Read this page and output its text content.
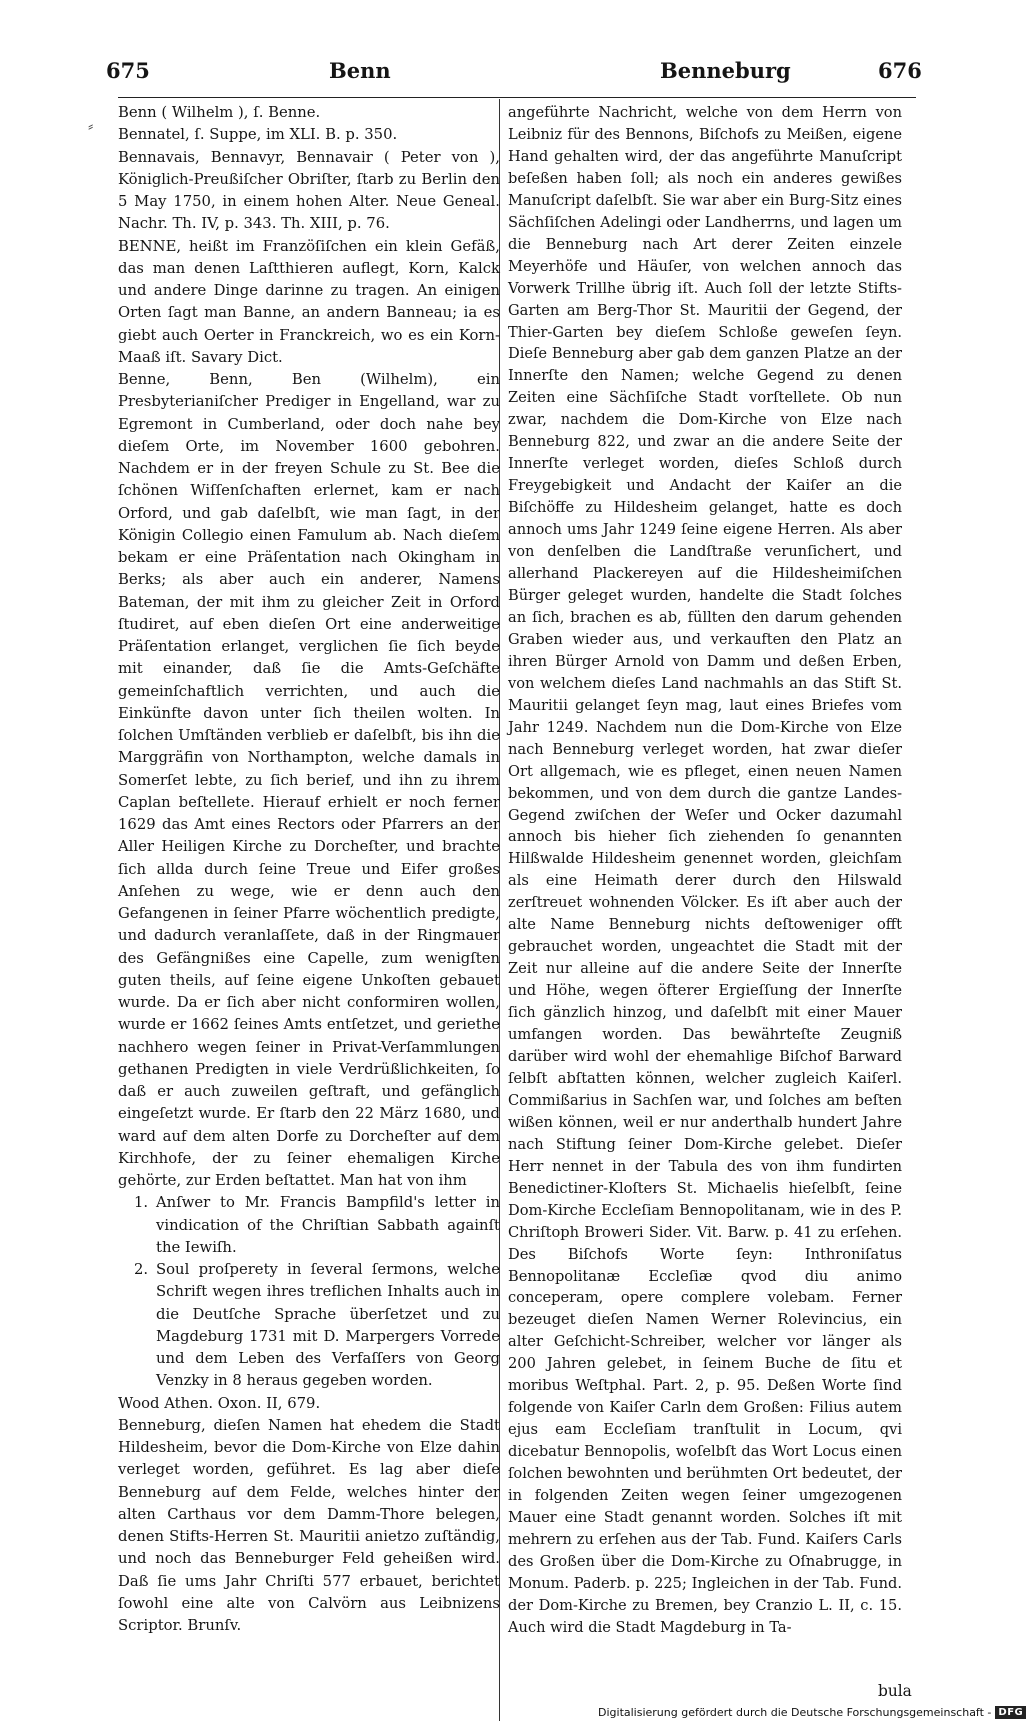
675	Benn	Benneburg	676
⸗

Benn ( Wilhelm ), ſ. Benne.

Bennatel, ſ. Suppe, im XLI. B. p. 350.

Bennavais, Bennavyr, Bennavair ( Peter von ), Königlich-Preußiſcher Obriſter, ſtarb zu Berlin den 5 May 1750, in einem hohen Alter. Neue Geneal. Nachr. Th. IV, p. 343. Th. XIII, p. 76.

BENNE, heißt im Franzöſiſchen ein klein Gefäß, das man denen Laſtthieren auflegt, Korn, Kalck und andere Dinge darinne zu tragen. An einigen Orten ſagt man Banne, an andern Banneau; ia es giebt auch Oerter in Franckreich, wo es ein Korn-Maaß iſt. Savary Dict.

Benne, Benn, Ben (Wilhelm), ein Presbyterianiſcher Prediger in Engelland, war zu Egremont in Cumberland, oder doch nahe bey dieſem Orte, im November 1600 gebohren. Nachdem er in der freyen Schule zu St. Bee die ſchönen Wiſſenſchaften erlernet, kam er nach Orford, und gab daſelbſt, wie man ſagt, in der Königin Collegio einen Famulum ab. Nach dieſem bekam er eine Präſentation nach Okingham in Berks; als aber auch ein anderer, Namens Bateman, der mit ihm zu gleicher Zeit in Orford ſtudiret, auf eben dieſen Ort eine anderweitige Präſentation erlanget, verglichen ſie ſich beyde mit einander, daß ſie die Amts-Geſchäfte gemeinſchaftlich verrichten, und auch die Einkünfte davon unter ſich theilen wolten. In ſolchen Umſtänden verblieb er daſelbſt, bis ihn die Marggräfin von Northampton, welche damals in Somerſet lebte, zu ſich berief, und ihn zu ihrem Caplan beſtellete. Hierauf erhielt er noch ferner 1629 das Amt eines Rectors oder Pfarrers an der Aller Heiligen Kirche zu Dorcheſter, und brachte ſich allda durch ſeine Treue und Eifer großes Anſehen zu wege, wie er denn auch den Gefangenen in ſeiner Pfarre wöchentlich predigte, und dadurch veranlaſſete, daß in der Ringmauer des Gefängnißes eine Capelle, zum wenigſten guten theils, auf ſeine eigene Unkoſten gebauet wurde. Da er ſich aber nicht conformiren wollen, wurde er 1662 ſeines Amts entſetzet, und geriethe nachhero wegen ſeiner in Privat-Verſammlungen gethanen Predigten in viele Verdrüßlichkeiten, ſo daß er auch zuweilen geſtraft, und gefänglich eingeſetzt wurde. Er ſtarb den 22 März 1680, und ward auf dem alten Dorfe zu Dorcheſter auf dem Kirchhofe, der zu ſeiner ehemaligen Kirche gehörte, zur Erden beſtattet. Man hat von ihm

1. Anſwer to Mr. Francis Bampfild's letter in vindication of the Chriſtian Sabbath againſt the Iewiſh.
2. Soul proſperety in ſeveral ſermons, welche Schrift wegen ihres treflichen Inhalts auch in die Deutſche Sprache überſetzet und zu Magdeburg 1731 mit D. Marpergers Vorrede und dem Leben des Verfaſſers von Georg Venzky in 8 heraus gegeben worden.

Wood Athen. Oxon. II, 679.

Benneburg, dieſen Namen hat ehedem die Stadt Hildesheim, bevor die Dom-Kirche von Elze dahin verleget worden, geführet. Es lag aber dieſe Benneburg auf dem Felde, welches hinter der alten Carthaus vor dem Damm-Thore belegen, denen Stifts-Herren St. Mauritii anietzo zuſtändig, und noch das Benneburger Feld geheißen wird. Daß ſie ums Jahr Chriſti 577 erbauet, berichtet ſowohl eine alte von Calvörn aus Leibnizens Scriptor. Brunſv.

angeführte Nachricht, welche von dem Herrn von Leibniz für des Bennons, Biſchofs zu Meißen, eigene Hand gehalten wird, der das angeführte Manuſcript beſeßen haben ſoll; als noch ein anderes gewißes Manuſcript daſelbſt. Sie war aber ein Burg-Sitz eines Sächſiſchen Adelingi oder Landherrns, und lagen um die Benneburg nach Art derer Zeiten einzele Meyerhöfe und Häuſer, von welchen annoch das Vorwerk Trillhe übrig iſt. Auch ſoll der letzte Stifts-Garten am Berg-Thor St. Mauritii der Gegend, der Thier-Garten bey dieſem Schloße geweſen ſeyn. Dieſe Benneburg aber gab dem ganzen Platze an der Innerſte den Namen; welche Gegend zu denen Zeiten eine Sächſiſche Stadt vorſtellete. Ob nun zwar, nachdem die Dom-Kirche von Elze nach Benneburg 822, und zwar an die andere Seite der Innerſte verleget worden, dieſes Schloß durch Freygebigkeit und Andacht der Kaiſer an die Biſchöffe zu Hildesheim gelanget, hatte es doch annoch ums Jahr 1249 ſeine eigene Herren. Als aber von denſelben die Landſtraße verunſichert, und allerhand Plackereyen auf die Hildesheimiſchen Bürger geleget wurden, handelte die Stadt ſolches an ſich, brachen es ab, füllten den darum gehenden Graben wieder aus, und verkauften den Platz an ihren Bürger Arnold von Damm und deßen Erben, von welchem dieſes Land nachmahls an das Stift St. Mauritii gelanget ſeyn mag, laut eines Briefes vom Jahr 1249. Nachdem nun die Dom-Kirche von Elze nach Benneburg verleget worden, hat zwar dieſer Ort allgemach, wie es pfleget, einen neuen Namen bekommen, und von dem durch die gantze Landes-Gegend zwiſchen der Weſer und Ocker dazumahl annoch bis hieher ſich ziehenden ſo genannten Hilßwalde Hildesheim genennet worden, gleichſam als eine Heimath derer durch den Hilswald zerſtreuet wohnenden Völcker. Es iſt aber auch der alte Name Benneburg nichts deſtoweniger offt gebrauchet worden, ungeachtet die Stadt mit der Zeit nur alleine auf die andere Seite der Innerſte und Höhe, wegen öfterer Ergieſſung der Innerſte ſich gänzlich hinzog, und daſelbſt mit einer Mauer umfangen worden. Das bewährteſte Zeugniß darüber wird wohl der ehemahlige Biſchof Barward ſelbſt abſtatten können, welcher zugleich Kaiſerl. Commißarius in Sachſen war, und ſolches am beſten wißen können, weil er nur anderthalb hundert Jahre nach Stiftung ſeiner Dom-Kirche gelebet. Dieſer Herr nennet in der Tabula des von ihm fundirten Benedictiner-Kloſters St. Michaelis hieſelbſt, ſeine Dom-Kirche Eccleſiam Bennopolitanam, wie in des P. Chriſtoph Broweri Sider. Vit. Barw. p. 41 zu erſehen. Des Biſchofs Worte ſeyn: Inthroniſatus Bennopolitanæ Eccleſiæ qvod diu animo conceperam, opere complere volebam. Ferner bezeuget dieſen Namen Werner Rolevincius, ein alter Geſchicht-Schreiber, welcher vor länger als 200 Jahren gelebet, in ſeinem Buche de ſitu et moribus Weſtphal. Part. 2, p. 95. Deßen Worte ſind folgende von Kaiſer Carln dem Großen: Filius autem ejus eam Eccleſiam tranſtulit in Locum, qvi dicebatur Bennopolis, woſelbſt das Wort Locus einen ſolchen bewohnten und berühmten Ort bedeutet, der in folgenden Zeiten wegen ſeiner umgezogenen Mauer eine Stadt genannt worden. Solches iſt mit mehrern zu erſehen aus der Tab. Fund. Kaiſers Carls des Großen über die Dom-Kirche zu Oſnabrugge, in Monum. Paderb. p. 225; Ingleichen in der Tab. Fund. der Dom-Kirche zu Bremen, bey Cranzio L. II, c. 15. Auch wird die Stadt Magdeburg in Ta-

bula
Digitalisierung gefördert durch die Deutsche Forschungsgemeinschaft - DFG
